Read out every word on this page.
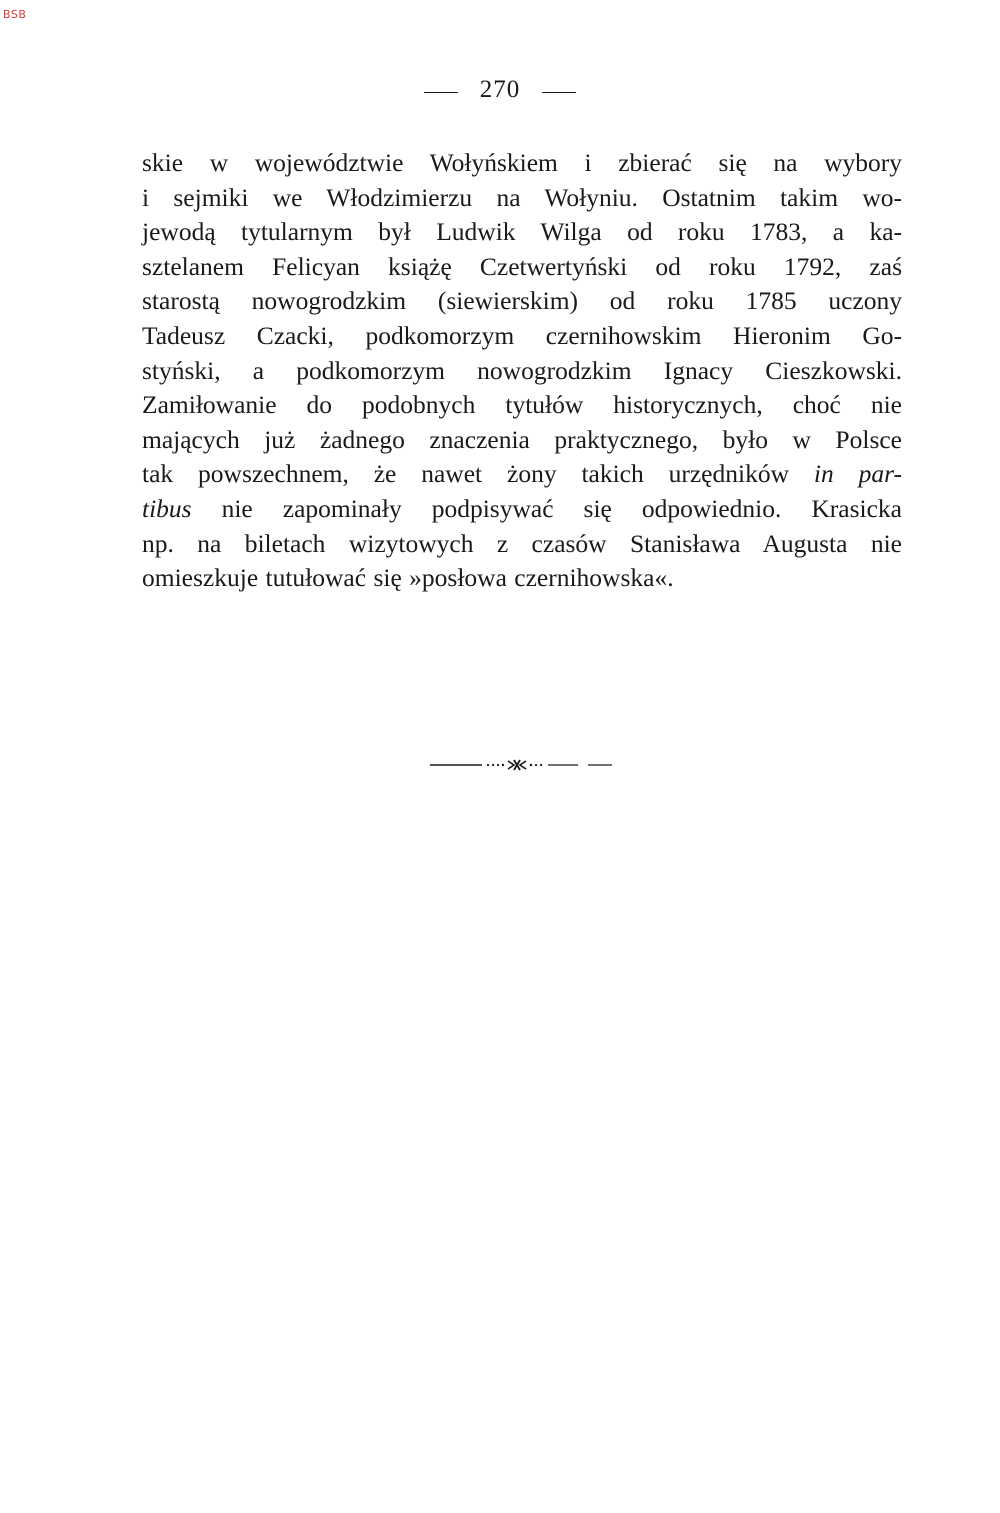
BSB
270
skie w województwie Wołyńskiem i zbierać się na wybory
i sejmiki we Włodzimierzu na Wołyniu. Ostatnim takim wo-
jewodą tytularnym był Ludwik Wilga od roku 1783, a ka-
sztelanem Felicyan książę Czetwertyński od roku 1792, zaś
starostą nowogrodzkim (siewierskim) od roku 1785 uczony
Tadeusz Czacki, podkomorzym czernihowskim Hieronim Go-
styński, a podkomorzym nowogrodzkim Ignacy Cieszkowski.
Zamiłowanie do podobnych tytułów historycznych, choć nie
mających już żadnego znaczenia praktycznego, było w Polsce
tak powszechnem, że nawet żony takich urzędników in par-
tibus nie zapominały podpisywać się odpowiednio. Krasicka
np. na biletach wizytowych z czasów Stanisława Augusta nie
omieszkuje tutułować się »posłowa czernihowska«.
